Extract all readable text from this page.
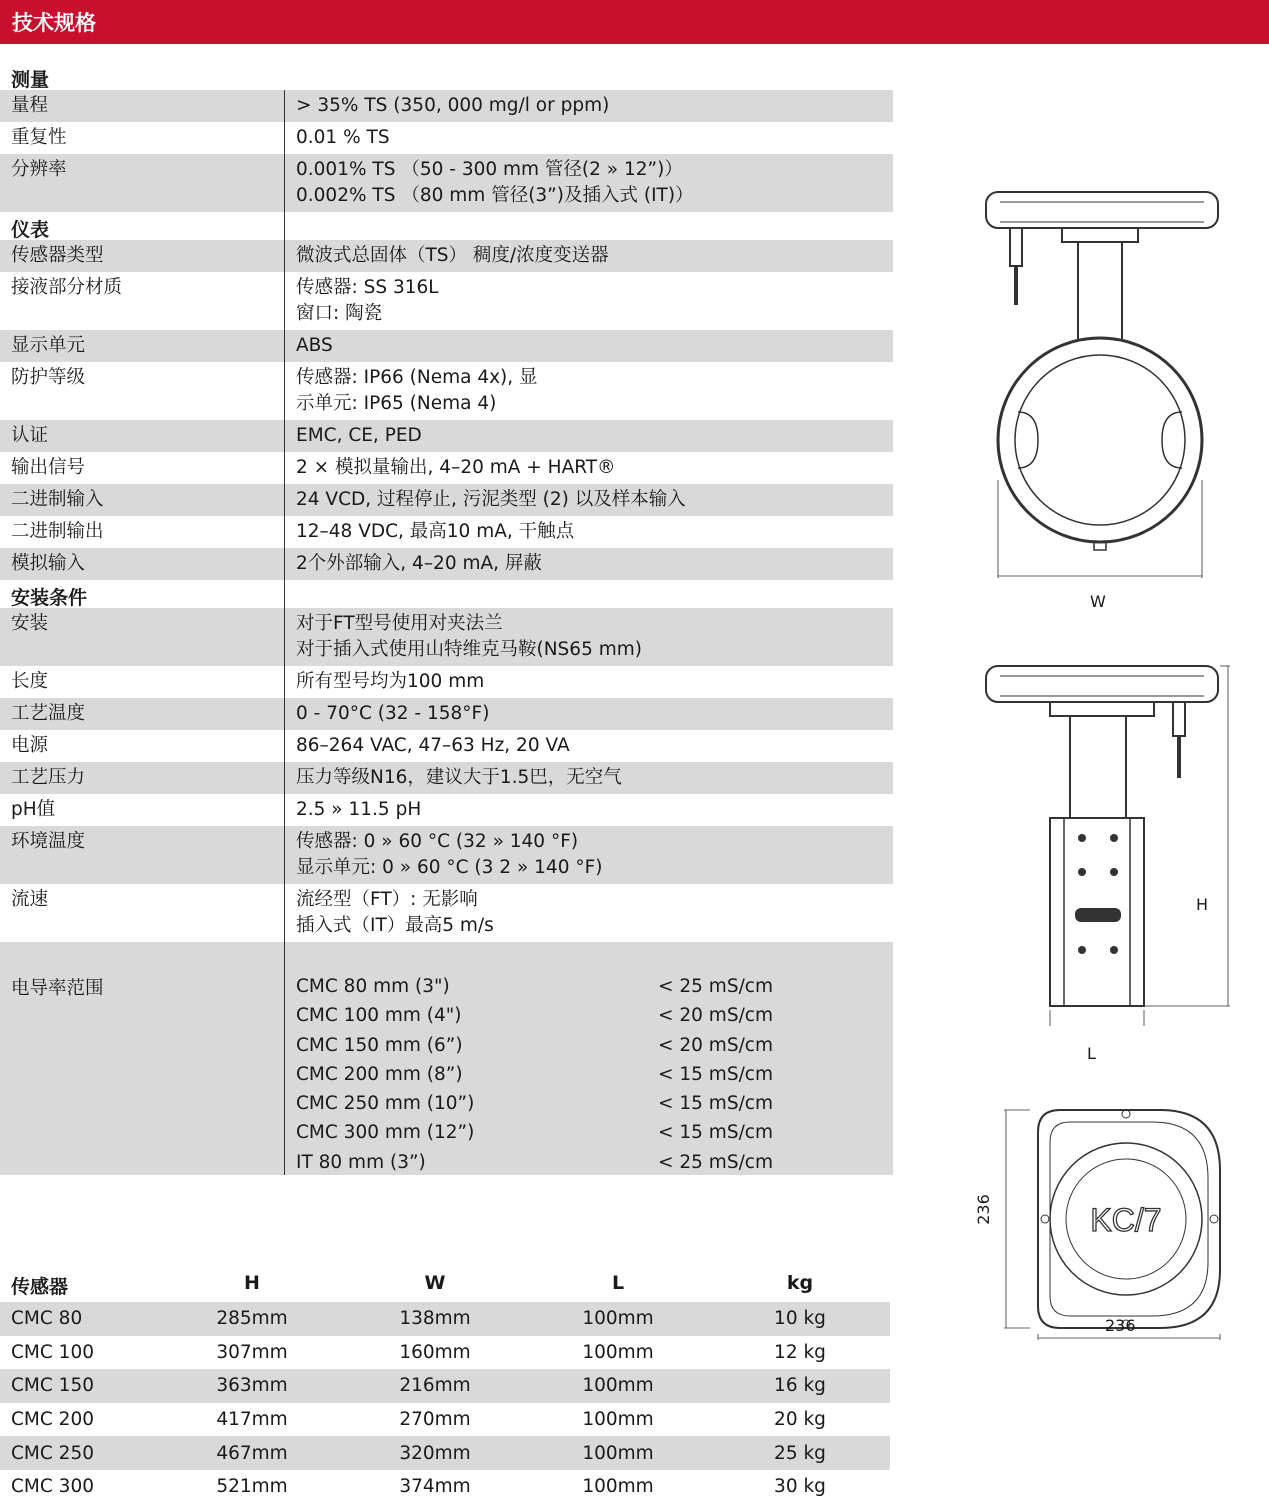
技术规格
测量
量程	> 35% TS (350, 000 mg/l or ppm)
重复性	0.01 % TS
分辨率	0.001% TS （50 - 300 mm 管径(2 » 12”)）
0.002% TS （80 mm 管径(3”)及插入式 (IT)）
仪表
传感器类型	微波式总固体（TS） 稠度/浓度变送器
接液部分材质	传感器: SS 316L
窗口: 陶瓷
显示单元	ABS
防护等级	传感器: IP66 (Nema 4x), 显
示单元: IP65 (Nema 4)
认证	EMC, CE, PED
输出信号	2 × 模拟量输出, 4–20 mA + HART®
二进制输入	24 VCD, 过程停止, 污泥类型 (2) 以及样本输入
二进制输出	12–48 VDC, 最高10 mA, 干触点
模拟输入	2个外部输入, 4–20 mA, 屏蔽
安装条件
安装	对于FT型号使用对夹法兰
对于插入式使用山特维克马鞍(NS65 mm)
长度	所有型号均为100 mm
工艺温度	0 - 70°C (32 - 158°F)
电源	86–264 VAC, 47–63 Hz, 20 VA
工艺压力	压力等级N16，建议大于1.5巴，无空气
pH值	2.5 » 11.5 pH
环境温度	传感器: 0 » 60 °C (32 » 140 °F)
显示单元: 0 » 60 °C (3 2 » 140 °F)
流速	流经型（FT）: 无影响
插入式（IT）最高5 m/s
电导率范围	CMC 80 mm (3")	< 25 mS/cm
CMC 100 mm (4")	< 20 mS/cm
CMC 150 mm (6”)	< 20 mS/cm
CMC 200 mm (8”)	< 15 mS/cm
CMC 250 mm (10”)	< 15 mS/cm
CMC 300 mm (12”)	< 15 mS/cm
IT 80 mm (3”)	< 25 mS/cm
传感器	H	W	L	kg
CMC 80	285mm	138mm	100mm	10 kg
CMC 100	307mm	160mm	100mm	12 kg
CMC 150	363mm	216mm	100mm	16 kg
CMC 200	417mm	270mm	100mm	20 kg
CMC 250	467mm	320mm	100mm	25 kg
CMC 300	521mm	374mm	100mm	30 kg
W
H
L
KC/7
236
236
